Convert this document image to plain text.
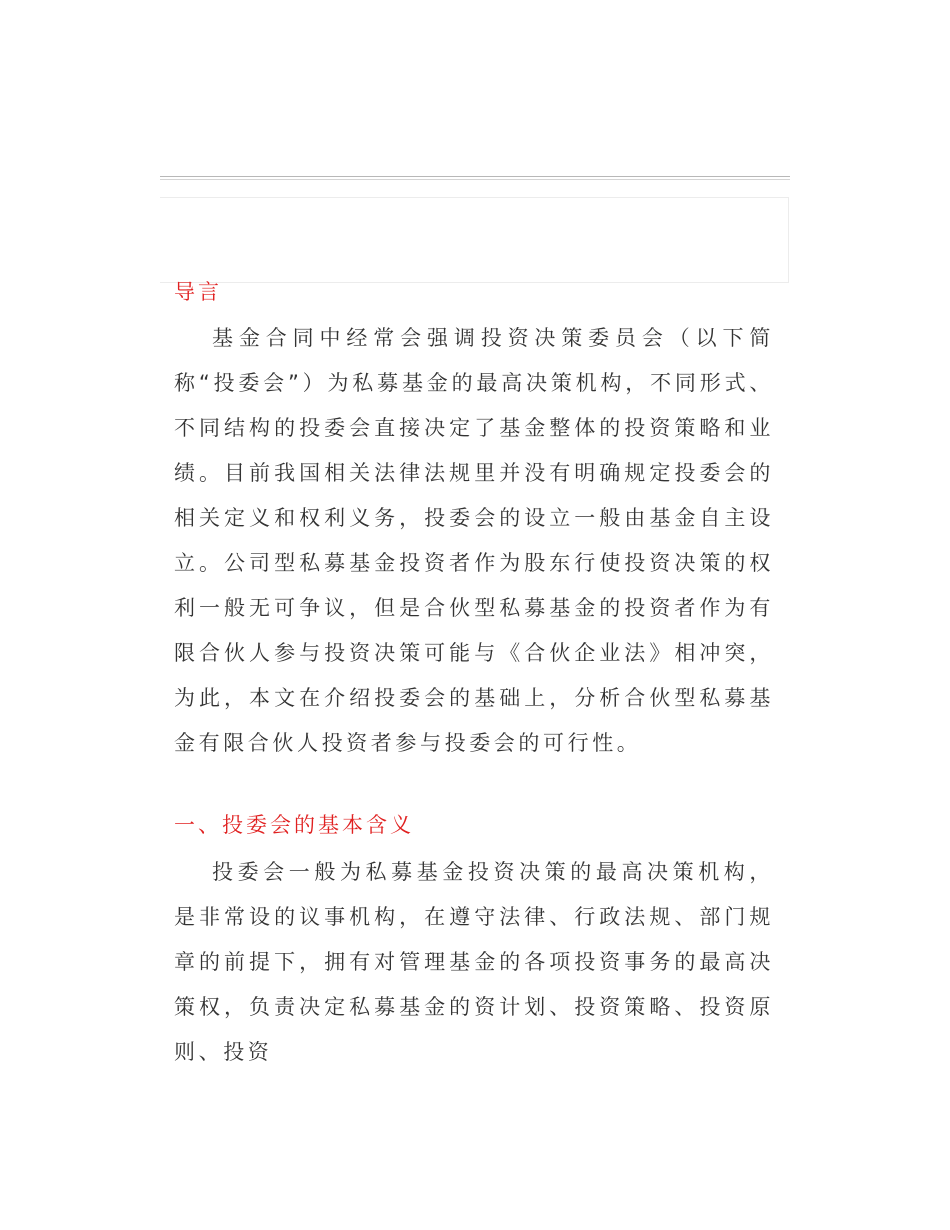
导言

基金合同中经常会强调投资决策委员会（以下简称“投委会”）为私募基金的最高决策机构，不同形式、不同结构的投委会直接决定了基金整体的投资策略和业绩。目前我国相关法律法规里并没有明确规定投委会的相关定义和权利义务，投委会的设立一般由基金自主设立。公司型私募基金投资者作为股东行使投资决策的权利一般无可争议，但是合伙型私募基金的投资者作为有限合伙人参与投资决策可能与《合伙企业法》相冲突，为此，本文在介绍投委会的基础上，分析合伙型私募基金有限合伙人投资者参与投委会的可行性。

一、投委会的基本含义

投委会一般为私募基金投资决策的最高决策机构，是非常设的议事机构，在遵守法律、行政法规、部门规章的前提下，拥有对管理基金的各项投资事务的最高决策权，负责决定私募基金的资计划、投资策略、投资原则、投资
